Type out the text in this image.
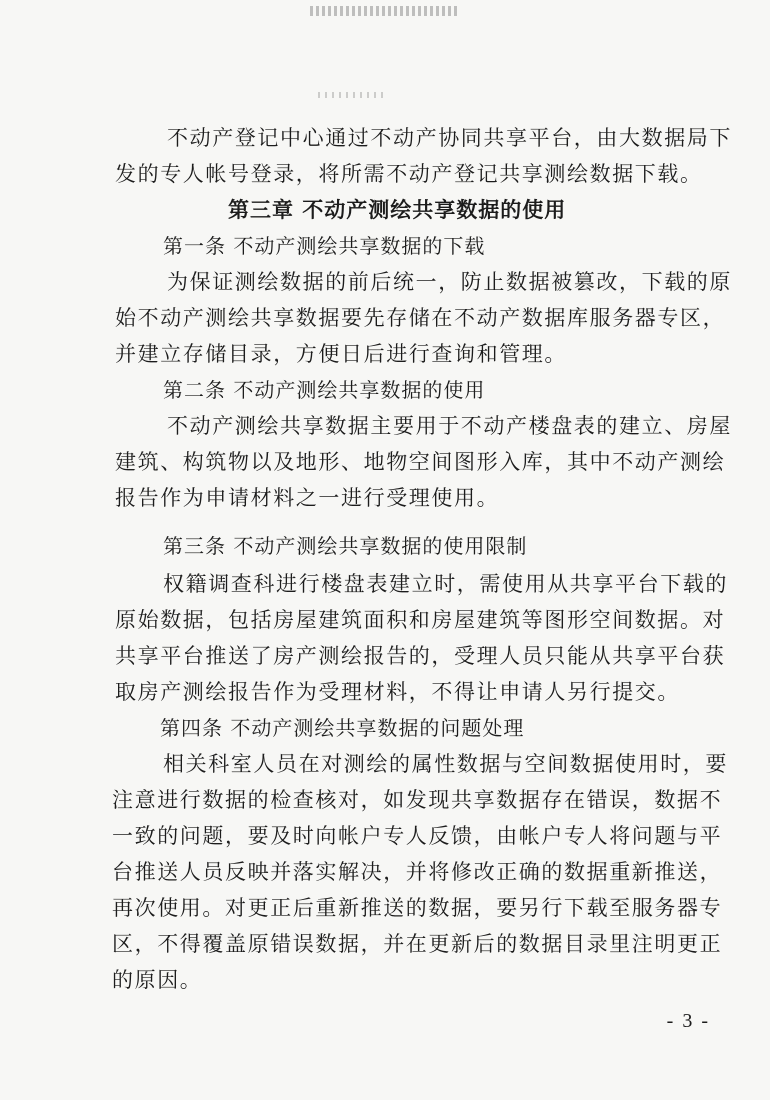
不动产登记中心通过不动产协同共享平台，由大数据局下
发的专人帐号登录，将所需不动产登记共享测绘数据下载。
第三章 不动产测绘共享数据的使用
第一条 不动产测绘共享数据的下载
为保证测绘数据的前后统一，防止数据被篡改，下载的原
始不动产测绘共享数据要先存储在不动产数据库服务器专区，
并建立存储目录，方便日后进行查询和管理。
第二条 不动产测绘共享数据的使用
不动产测绘共享数据主要用于不动产楼盘表的建立、房屋
建筑、构筑物以及地形、地物空间图形入库，其中不动产测绘
报告作为申请材料之一进行受理使用。
第三条 不动产测绘共享数据的使用限制
权籍调查科进行楼盘表建立时，需使用从共享平台下载的
原始数据，包括房屋建筑面积和房屋建筑等图形空间数据。对
共享平台推送了房产测绘报告的，受理人员只能从共享平台获
取房产测绘报告作为受理材料，不得让申请人另行提交。
第四条 不动产测绘共享数据的问题处理
相关科室人员在对测绘的属性数据与空间数据使用时，要
注意进行数据的检查核对，如发现共享数据存在错误，数据不
一致的问题，要及时向帐户专人反馈，由帐户专人将问题与平
台推送人员反映并落实解决，并将修改正确的数据重新推送，
再次使用。对更正后重新推送的数据，要另行下载至服务器专
区，不得覆盖原错误数据，并在更新后的数据目录里注明更正
的原因。
- 3 -
